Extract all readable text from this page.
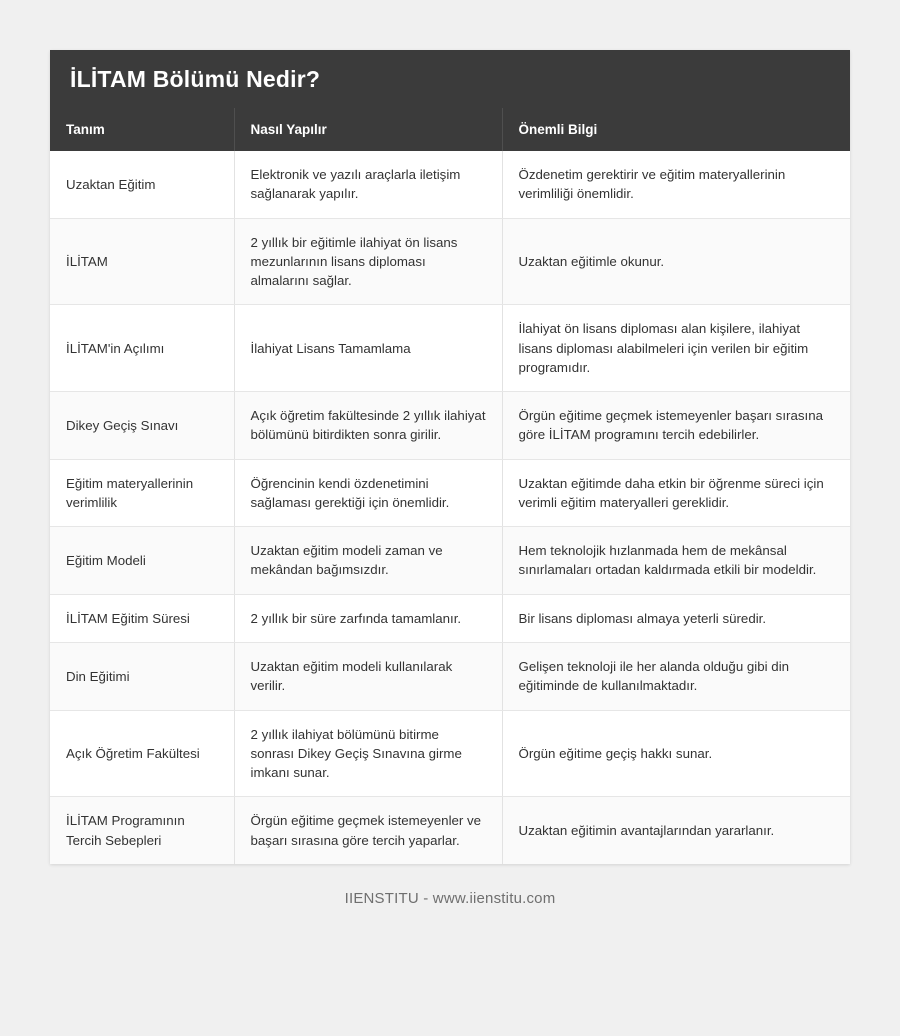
İLİTAM Bölümü Nedir?
Tanım	Nasıl Yapılır	Önemli Bilgi
Uzaktan Eğitim	Elektronik ve yazılı araçlarla iletişim sağlanarak yapılır.	Özdenetim gerektirir ve eğitim materyallerinin verimliliği önemlidir.
İLİTAM	2 yıllık bir eğitimle ilahiyat ön lisans mezunlarının lisans diploması almalarını sağlar.	Uzaktan eğitimle okunur.
İLİTAM'in Açılımı	İlahiyat Lisans Tamamlama	İlahiyat ön lisans diploması alan kişilere, ilahiyat lisans diploması alabilmeleri için verilen bir eğitim programıdır.
Dikey Geçiş Sınavı	Açık öğretim fakültesinde 2 yıllık ilahiyat bölümünü bitirdikten sonra girilir.	Örgün eğitime geçmek istemeyenler başarı sırasına göre İLİTAM programını tercih edebilirler.
Eğitim materyallerinin verimlilik	Öğrencinin kendi özdenetimini sağlaması gerektiği için önemlidir.	Uzaktan eğitimde daha etkin bir öğrenme süreci için verimli eğitim materyalleri gereklidir.
Eğitim Modeli	Uzaktan eğitim modeli zaman ve mekândan bağımsızdır.	Hem teknolojik hızlanmada hem de mekânsal sınırlamaları ortadan kaldırmada etkili bir modeldir.
İLİTAM Eğitim Süresi	2 yıllık bir süre zarfında tamamlanır.	Bir lisans diploması almaya yeterli süredir.
Din Eğitimi	Uzaktan eğitim modeli kullanılarak verilir.	Gelişen teknoloji ile her alanda olduğu gibi din eğitiminde de kullanılmaktadır.
Açık Öğretim Fakültesi	2 yıllık ilahiyat bölümünü bitirme sonrası Dikey Geçiş Sınavına girme imkanı sunar.	Örgün eğitime geçiş hakkı sunar.
İLİTAM Programının Tercih Sebepleri	Örgün eğitime geçmek istemeyenler ve başarı sırasına göre tercih yaparlar.	Uzaktan eğitimin avantajlarından yararlanır.
IIENSTITU - www.iienstitu.com
